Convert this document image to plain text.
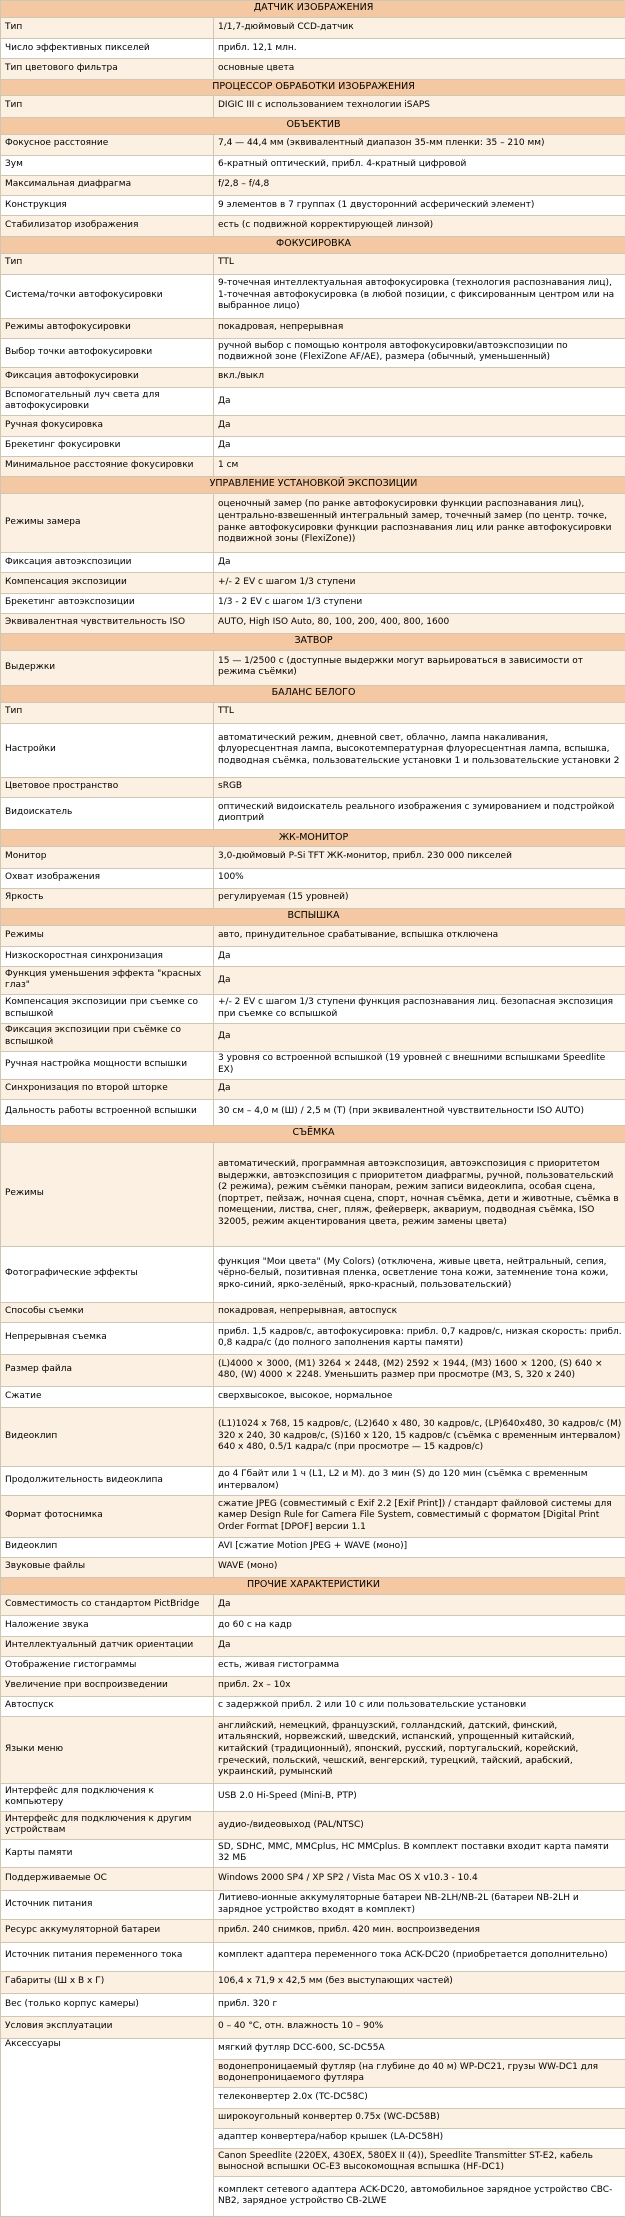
ДАТЧИК ИЗОБРАЖЕНИЯ	
Тип	1/1,7-дюймовый CCD-датчик
Число эффективных пикселей	прибл. 12,1 млн.
Тип цветового фильтра	основные цвета
ПРОЦЕССОР ОБРАБОТКИ ИЗОБРАЖЕНИЯ	
Тип	DIGIC III с использованием технологии iSAPS
ОБЪЕКТИВ	
Фокусное расстояние	7,4 — 44,4 мм (эквивалентный диапазон 35-мм пленки: 35 – 210 мм)
Зум	6-кратный оптический, прибл. 4-кратный цифровой
Максимальная диафрагма	f/2,8 – f/4,8
Конструкция	9 элементов в 7 группах (1 двусторонний асферический элемент)
Стабилизатор изображения	есть (с подвижной корректирующей линзой)
ФОКУСИРОВКА	
Тип	TTL
Система/точки автофокусировки	9-точечная интеллектуальная автофокусировка (технология распознавания лиц), 1-точечная автофокусировка (в любой позиции, с фиксированным центром или на выбранное лицо)
Режимы автофокусировки	покадровая, непрерывная
Выбор точки автофокусировки	ручной выбор с помощью контроля автофокусировки/автоэкспозиции по подвижной зоне (FlexiZone AF/AE), размера (обычный, уменьшенный)
Фиксация автофокусировки	вкл./выкл
Вспомогательный луч света для автофокусировки	Да
Ручная фокусировка	Да
Брекетинг фокусировки	Да
Минимальное расстояние фокусировки	1 см
УПРАВЛЕНИЕ УСТАНОВКОЙ ЭКСПОЗИЦИИ	
Режимы замера	оценочный замер (по ранке автофокусировки функции распознавания лиц), центрально-взвешенный интегральный замер, точечный замер (по центр. точке, ранке автофокусировки функции распознавания лиц или ранке автофокусировки подвижной зоны (FlexiZone))
Фиксация автоэкспозиции	Да
Компенсация экспозиции	+/- 2 EV с шагом 1/3 ступени
Брекетинг автоэкспозиции	1/3 - 2 EV с шагом 1/3 ступени
Эквивалентная чувствительность ISO	AUTO, High ISO Auto, 80, 100, 200, 400, 800, 1600
ЗАТВОР	
Выдержки	15 — 1/2500 с (доступные выдержки могут варьироваться в зависимости от режима съёмки)
БАЛАНС БЕЛОГО	
Тип	TTL
Настройки	автоматический режим, дневной свет, облачно, лампа накаливания, флуоресцентная лампа, высокотемпературная флуоресцентная лампа, вспышка, подводная съёмка, пользовательские установки 1 и пользовательские установки 2
Цветовое пространство	sRGB
Видоискатель	оптический видоискатель реального изображения с зумированием и подстройкой диоптрий
ЖК-МОНИТОР	
Монитор	3,0-дюймовый P-Si TFT ЖК-монитор, прибл. 230 000 пикселей
Охват изображения	100%
Яркость	регулируемая (15 уровней)
ВСПЫШКА	
Режимы	авто, принудительное срабатывание, вспышка отключена
Низкоскоростная синхронизация	Да
Функция уменьшения эффекта "красных глаз"	Да
Компенсация экспозиции при съемке со вспышкой	+/- 2 EV с шагом 1/3 ступени функция распознавания лиц. безопасная экспозиция при съемке со вспышкой
Фиксация экспозиции при съёмке со вспышкой	Да
Ручная настройка мощности вспышки	3 уровня со встроенной вспышкой (19 уровней с внешними вспышками Speedlite EX)
Синхронизация по второй шторке	Да
Дальность работы встроенной вспышки	30 см – 4,0 м (Ш) / 2,5 м (Т) (при эквивалентной чувствительности ISO AUTO)
СЪЁМКА	
Режимы	автоматический, программная автоэкспозиция, автоэкспозиция с приоритетом выдержки, автоэкспозиция с приоритетом диафрагмы, ручной, пользовательский (2 режима), режим съёмки панорам, режим записи видеоклипа, особая сцена, (портрет, пейзаж, ночная сцена, спорт, ночная съёмка, дети и животные, съёмка в помещении, листва, снег, пляж, фейерверк, аквариум, подводная съёмка, ISO 32005, режим акцентирования цвета, режим замены цвета)
Фотографические эффекты	функция "Мои цвета" (My Colors) (отключена, живые цвета, нейтральный, сепия, чёрно-белый, позитивная пленка, осветление тона кожи, затемнение тона кожи, ярко-синий, ярко-зелёный, ярко-красный, пользовательский)
Способы съемки	покадровая, непрерывная, автоспуск
Непрерывная съемка	прибл. 1,5 кадров/с, автофокусировка: прибл. 0,7 кадров/с, низкая скорость: прибл. 0,8 кадра/с (до полного заполнения карты памяти)
Размер файла	(L)4000 × 3000, (M1) 3264 × 2448, (M2) 2592 × 1944, (M3) 1600 × 1200, (S) 640 × 480, (W) 4000 × 2248. Уменьшить размер при просмотре (M3, S, 320 x 240)
Сжатие	сверхвысокое, высокое, нормальное
Видеоклип	(L1)1024 x 768, 15 кадров/с, (L2)640 x 480, 30 кадров/с, (LP)640x480, 30 кадров/с (M) 320 x 240, 30 кадров/с, (S)160 x 120, 15 кадров/с (съёмка с временным интервалом) 640 x 480, 0.5/1 кадра/с (при просмотре — 15 кадров/с)
Продолжительность видеоклипа	до 4 Гбайт или 1 ч (L1, L2 и M). до 3 мин (S) до 120 мин (съёмка с временным интервалом)
Формат фотоснимка	сжатие JPEG (совместимый с Exif 2.2 [Exif Print]) / стандарт файловой системы для камер Design Rule for Camera File System, совместимый с форматом [Digital Print Order Format [DPOF] версии 1.1
Видеоклип	AVI [сжатие Motion JPEG + WAVE (моно)]
Звуковые файлы	WAVE (моно)
ПРОЧИЕ ХАРАКТЕРИСТИКИ	
Совместимость со стандартом PictBridge	Да
Наложение звука	до 60 с на кадр
Интеллектуальный датчик ориентации	Да
Отображение гистограммы	есть, живая гистограмма
Увеличение при воспроизведении	прибл. 2x – 10x
Автоспуск	с задержкой прибл. 2 или 10 с или пользовательские установки
Языки меню	английский, немецкий, французский, голландский, датский, финский, итальянский, норвежский, шведский, испанский, упрощенный китайский, китайский (традиционный), японский, русский, португальский, корейский, греческий, польский, чешский, венгерский, турецкий, тайский, арабский, украинский, румынский
Интерфейс для подключения к компьютеру	USB 2.0 Hi-Speed (Mini-B, PTP)
Интерфейс для подключения к другим устройствам	аудио-/видеовыход (PAL/NTSC)
Карты памяти	SD, SDHC, MMC, MMCplus, HC MMCplus. В комплект поставки входит карта памяти 32 МБ
Поддерживаемые ОС	Windows 2000 SP4 / XP SP2 / Vista Mac OS X v10.3 - 10.4
Источник питания	Литиево-ионные аккумуляторные батареи NB-2LH/NB-2L (батареи NB-2LH и зарядное устройство входят в комплект)
Ресурс аккумуляторной батареи	прибл. 240 снимков, прибл. 420 мин. воспроизведения
Источник питания переменного тока	комплект адаптера переменного тока ACK-DC20 (приобретается дополнительно)
Габариты (Ш х В х Г)	106,4 х 71,9 х 42,5 мм (без выступающих частей)
Вес (только корпус камеры)	прибл. 320 г
Условия эксплуатации	0 – 40 °C, отн. влажность 10 – 90%
Аксессуары	мягкий футляр DCC-600, SC-DC55A
	водонепроницаемый футляр (на глубине до 40 м) WP-DC21, грузы WW-DC1 для водонепроницаемого футляра
	телеконвертер 2.0x (TC-DC58C)
	широкоугольный конвертер 0.75x (WC-DC58B)
	адаптер конвертера/набор крышек (LA-DC58H)
	Canon Speedlite (220EX, 430EX, 580EX II (4)), Speedlite Transmitter ST-E2, кабель выносной вспышки OC-E3 высокомощная вспышка (HF-DC1)
	комплект сетевого адаптера ACK-DC20, автомобильное зарядное устройство CBC-NB2, зарядное устройство CB-2LWE
